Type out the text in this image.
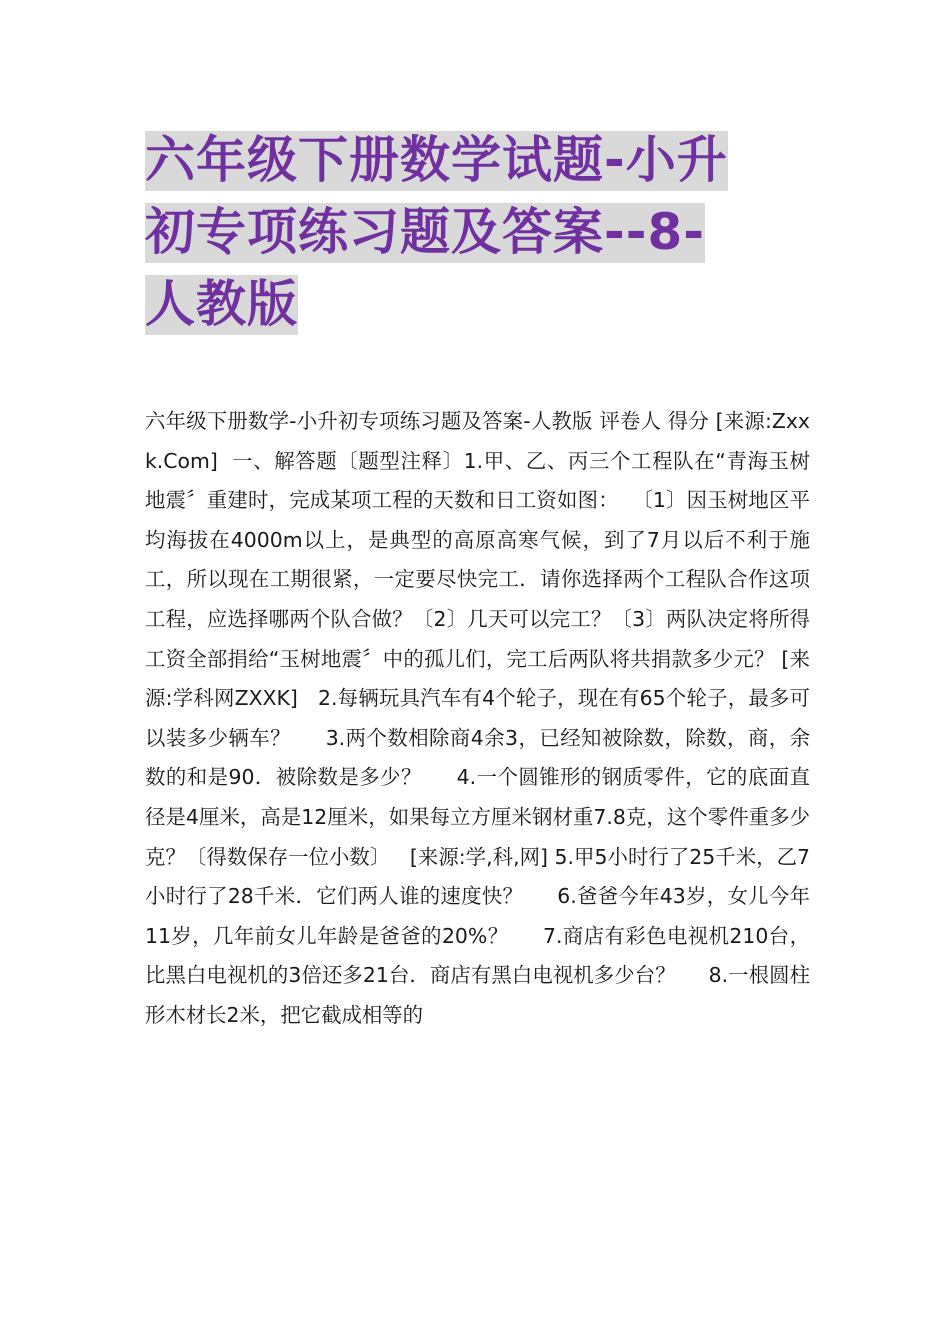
六年级下册数学试题-小升
初专项练习题及答案--8-
人教版

六年级下册数学-小升初专项练习题及答案-人教版 评卷人 得分 [来源:Zxxk.Com]  一、解答题〔题型注释〕1.甲、乙、丙三个工程队在“青海玉树地震〞重建时，完成某项工程的天数和日工资如图：  〔1〕因玉树地区平均海拔在4000m以上，是典型的高原高寒气候，到了7月以后不利于施工，所以现在工期很紧，一定要尽快完工．请你选择两个工程队合作这项工程，应选择哪两个队合做？〔2〕几天可以完工？〔3〕两队决定将所得工资全部捐给“玉树地震〞中的孤儿们，完工后两队将共捐款多少元？ [来源:学科网ZXXK]   2.每辆玩具汽车有4个轮子，现在有65个轮子，最多可以装多少辆车？     3.两个数相除商4余3，已经知被除数，除数，商，余数的和是90．被除数是多少？     4.一个圆锥形的钢质零件，它的底面直径是4厘米，高是12厘米，如果每立方厘米钢材重7.8克，这个零件重多少克？〔得数保存一位小数〕   [来源:学,科,网] 5.甲5小时行了25千米，乙7小时行了28千米．它们两人谁的速度快？     6.爸爸今年43岁，女儿今年11岁，几年前女儿年龄是爸爸的20%？     7.商店有彩色电视机210台，比黑白电视机的3倍还多21台．商店有黑白电视机多少台？     8.一根圆柱形木材长2米，把它截成相等的
